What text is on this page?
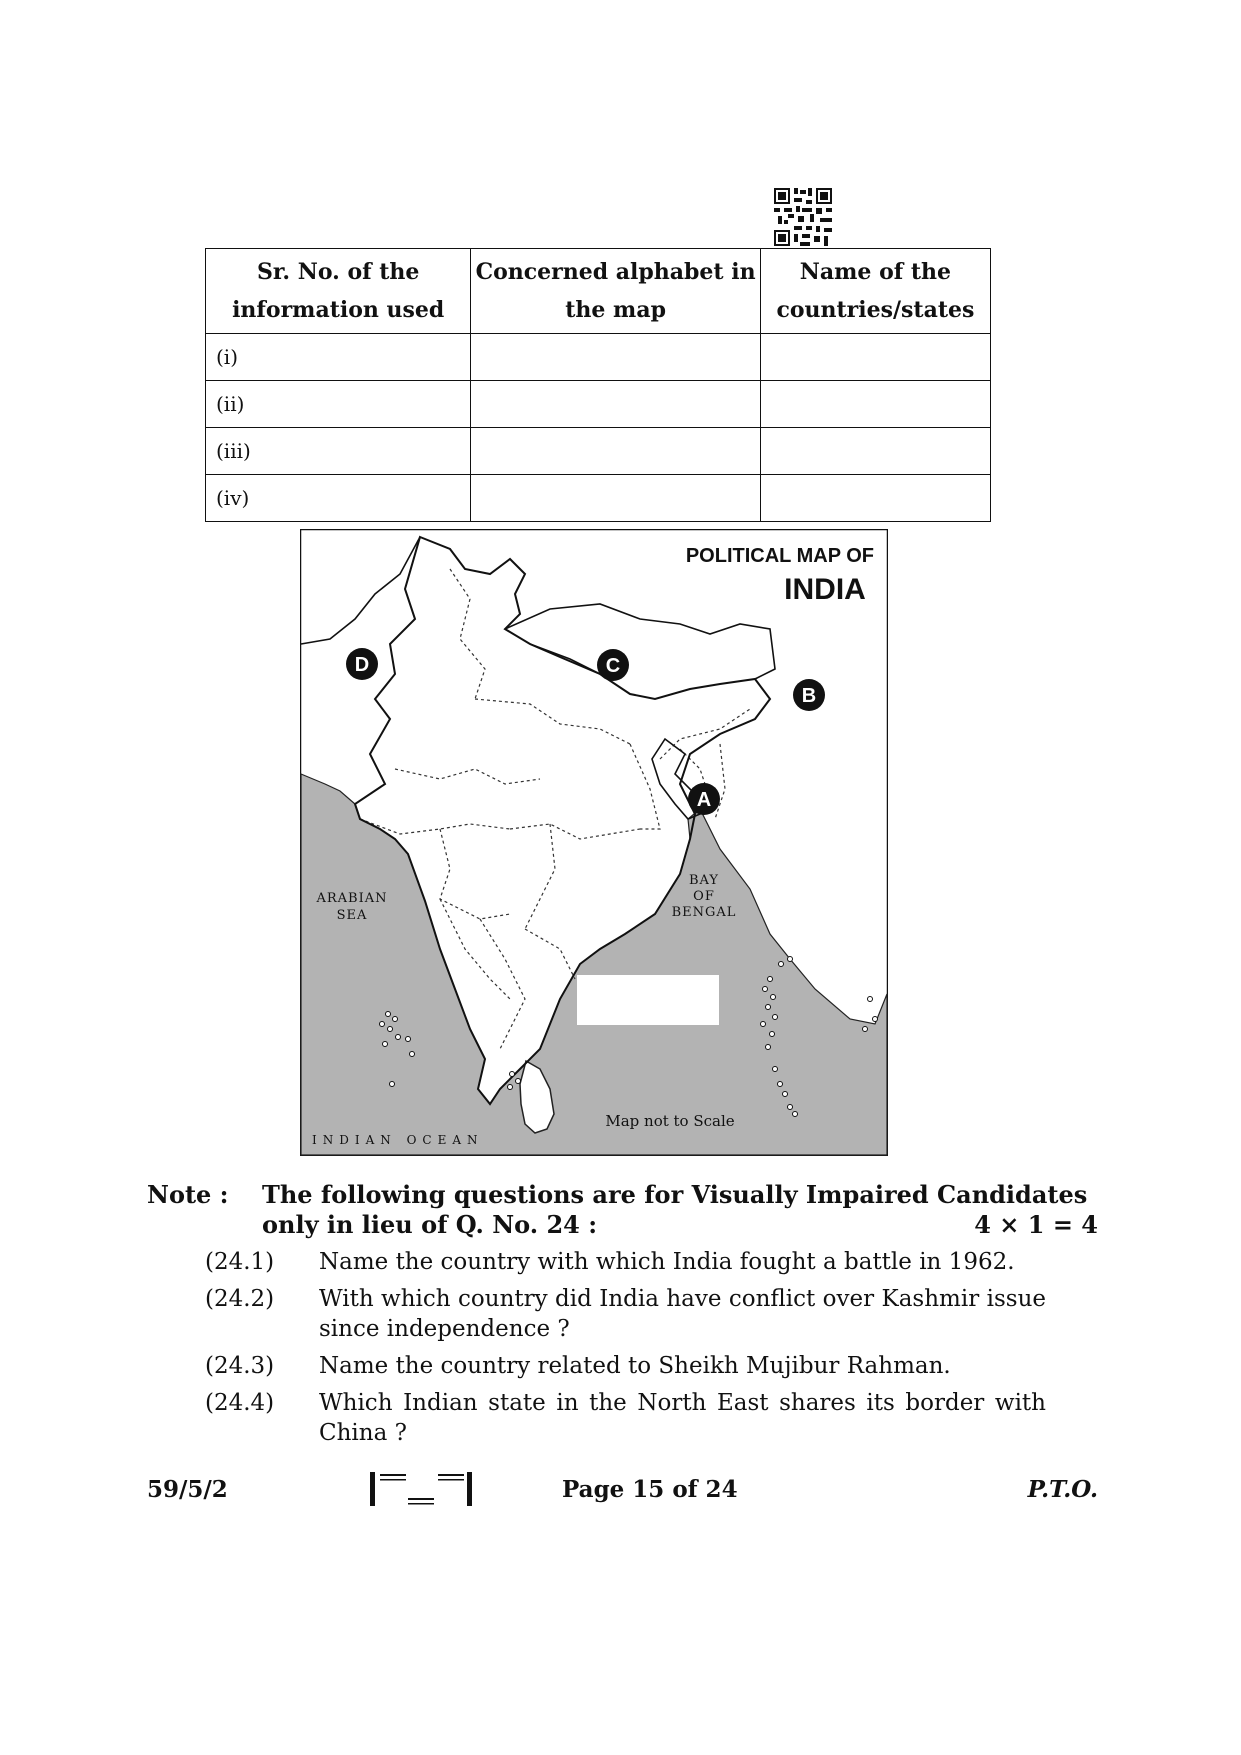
Sr. No. of the information used	Concerned alphabet in the map	Name of the countries/states
(i)		
(ii)		
(iii)		
(iv)		
POLITICAL MAP OF
INDIA
A
B
C
D
ARABIAN
SEA
BAY
OF
BENGAL
INDIAN OCEAN
Map not to Scale
Note : The following questions are for Visually Impaired Candidates only in lieu of Q. No. 24 :	4 × 1 = 4
(24.1) Name the country with which India fought a battle in 1962.
(24.2) With which country did India have conflict over Kashmir issue since independence ?
(24.3) Name the country related to Sheikh Mujibur Rahman.
(24.4) Which Indian state in the North East shares its border with China ?
59/5/2	Page 15 of 24	P.T.O.
